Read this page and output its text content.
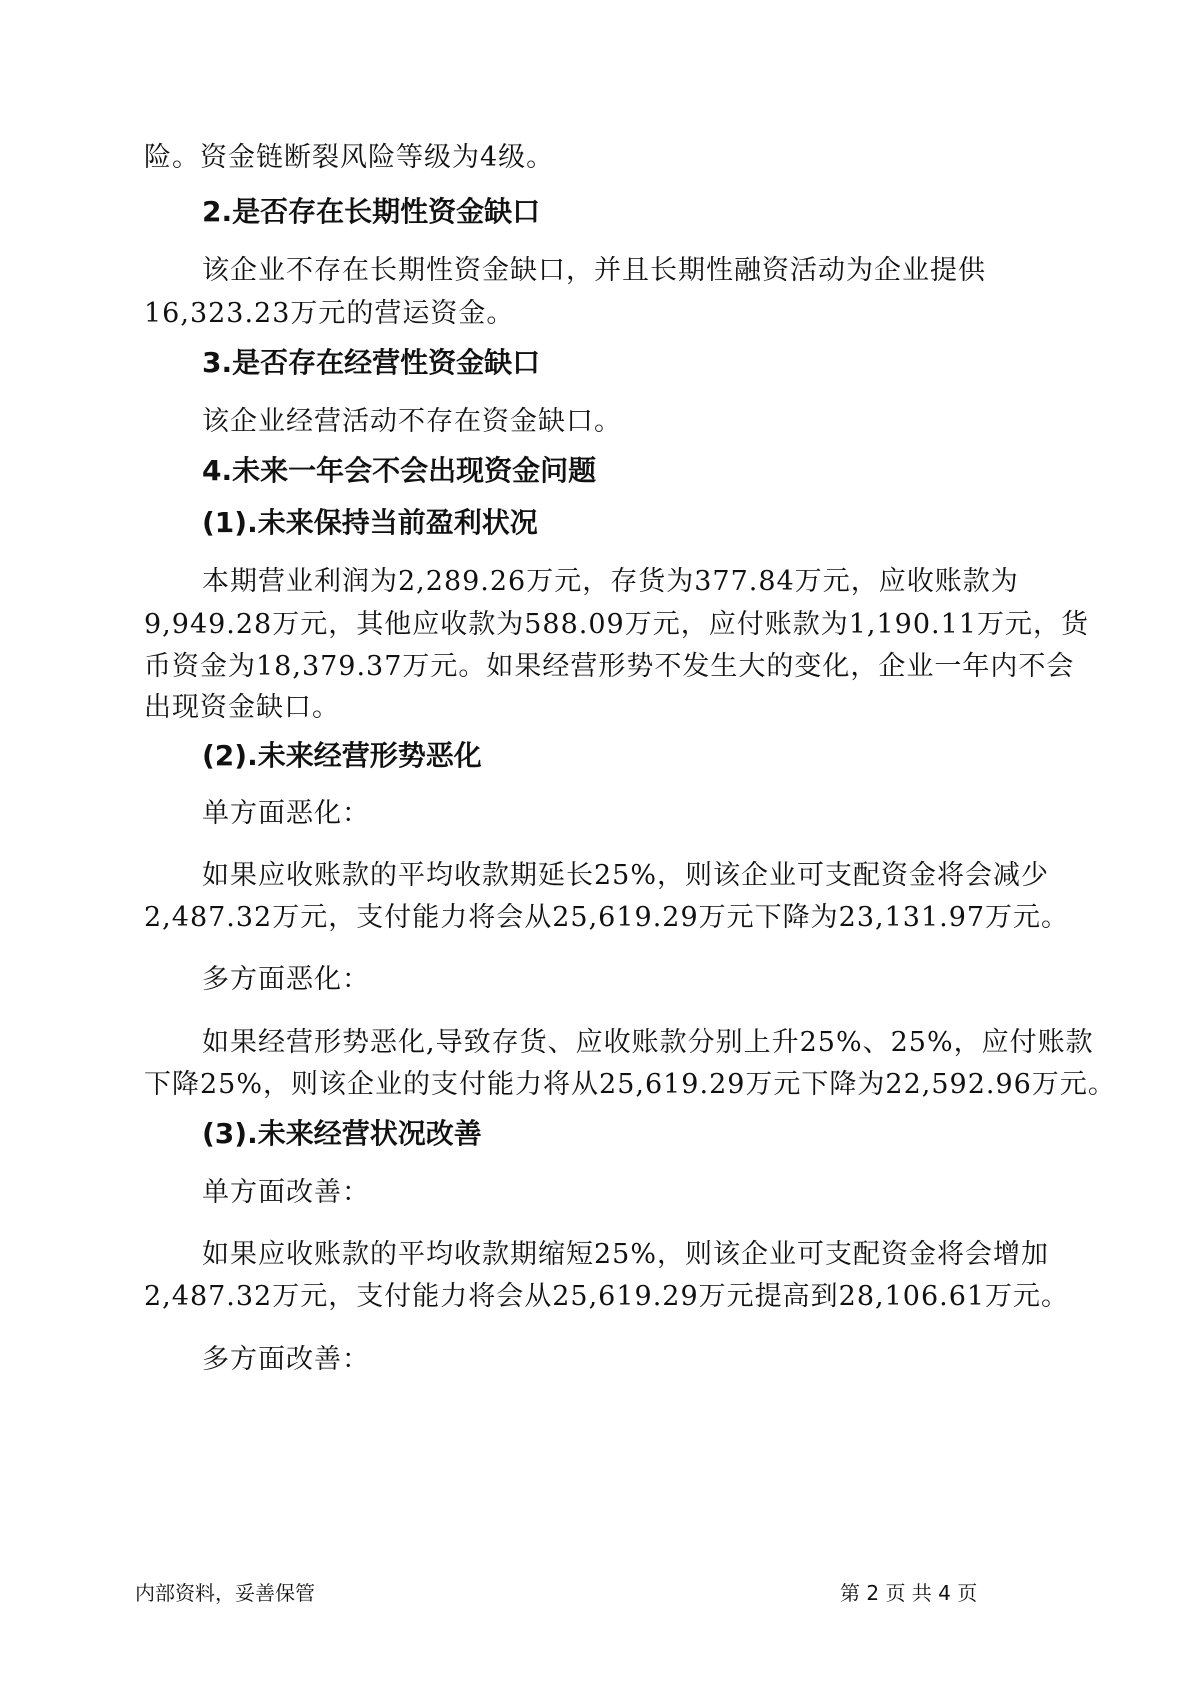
险。资金链断裂风险等级为4级。
2.是否存在长期性资金缺口
该企业不存在长期性资金缺口，并且长期性融资活动为企业提供
16,323.23万元的营运资金。
3.是否存在经营性资金缺口
该企业经营活动不存在资金缺口。
4.未来一年会不会出现资金问题
(1).未来保持当前盈利状况
本期营业利润为2,289.26万元，存货为377.84万元，应收账款为
9,949.28万元，其他应收款为588.09万元，应付账款为1,190.11万元，货
币资金为18,379.37万元。如果经营形势不发生大的变化，企业一年内不会
出现资金缺口。
(2).未来经营形势恶化
单方面恶化：
如果应收账款的平均收款期延长25%，则该企业可支配资金将会减少
2,487.32万元，支付能力将会从25,619.29万元下降为23,131.97万元。
多方面恶化：
如果经营形势恶化,导致存货、应收账款分别上升25%、25%，应付账款
下降25%，则该企业的支付能力将从25,619.29万元下降为22,592.96万元。
(3).未来经营状况改善
单方面改善：
如果应收账款的平均收款期缩短25%，则该企业可支配资金将会增加
2,487.32万元，支付能力将会从25,619.29万元提高到28,106.61万元。
多方面改善：
内部资料，妥善保管	第 2 页 共 4 页
